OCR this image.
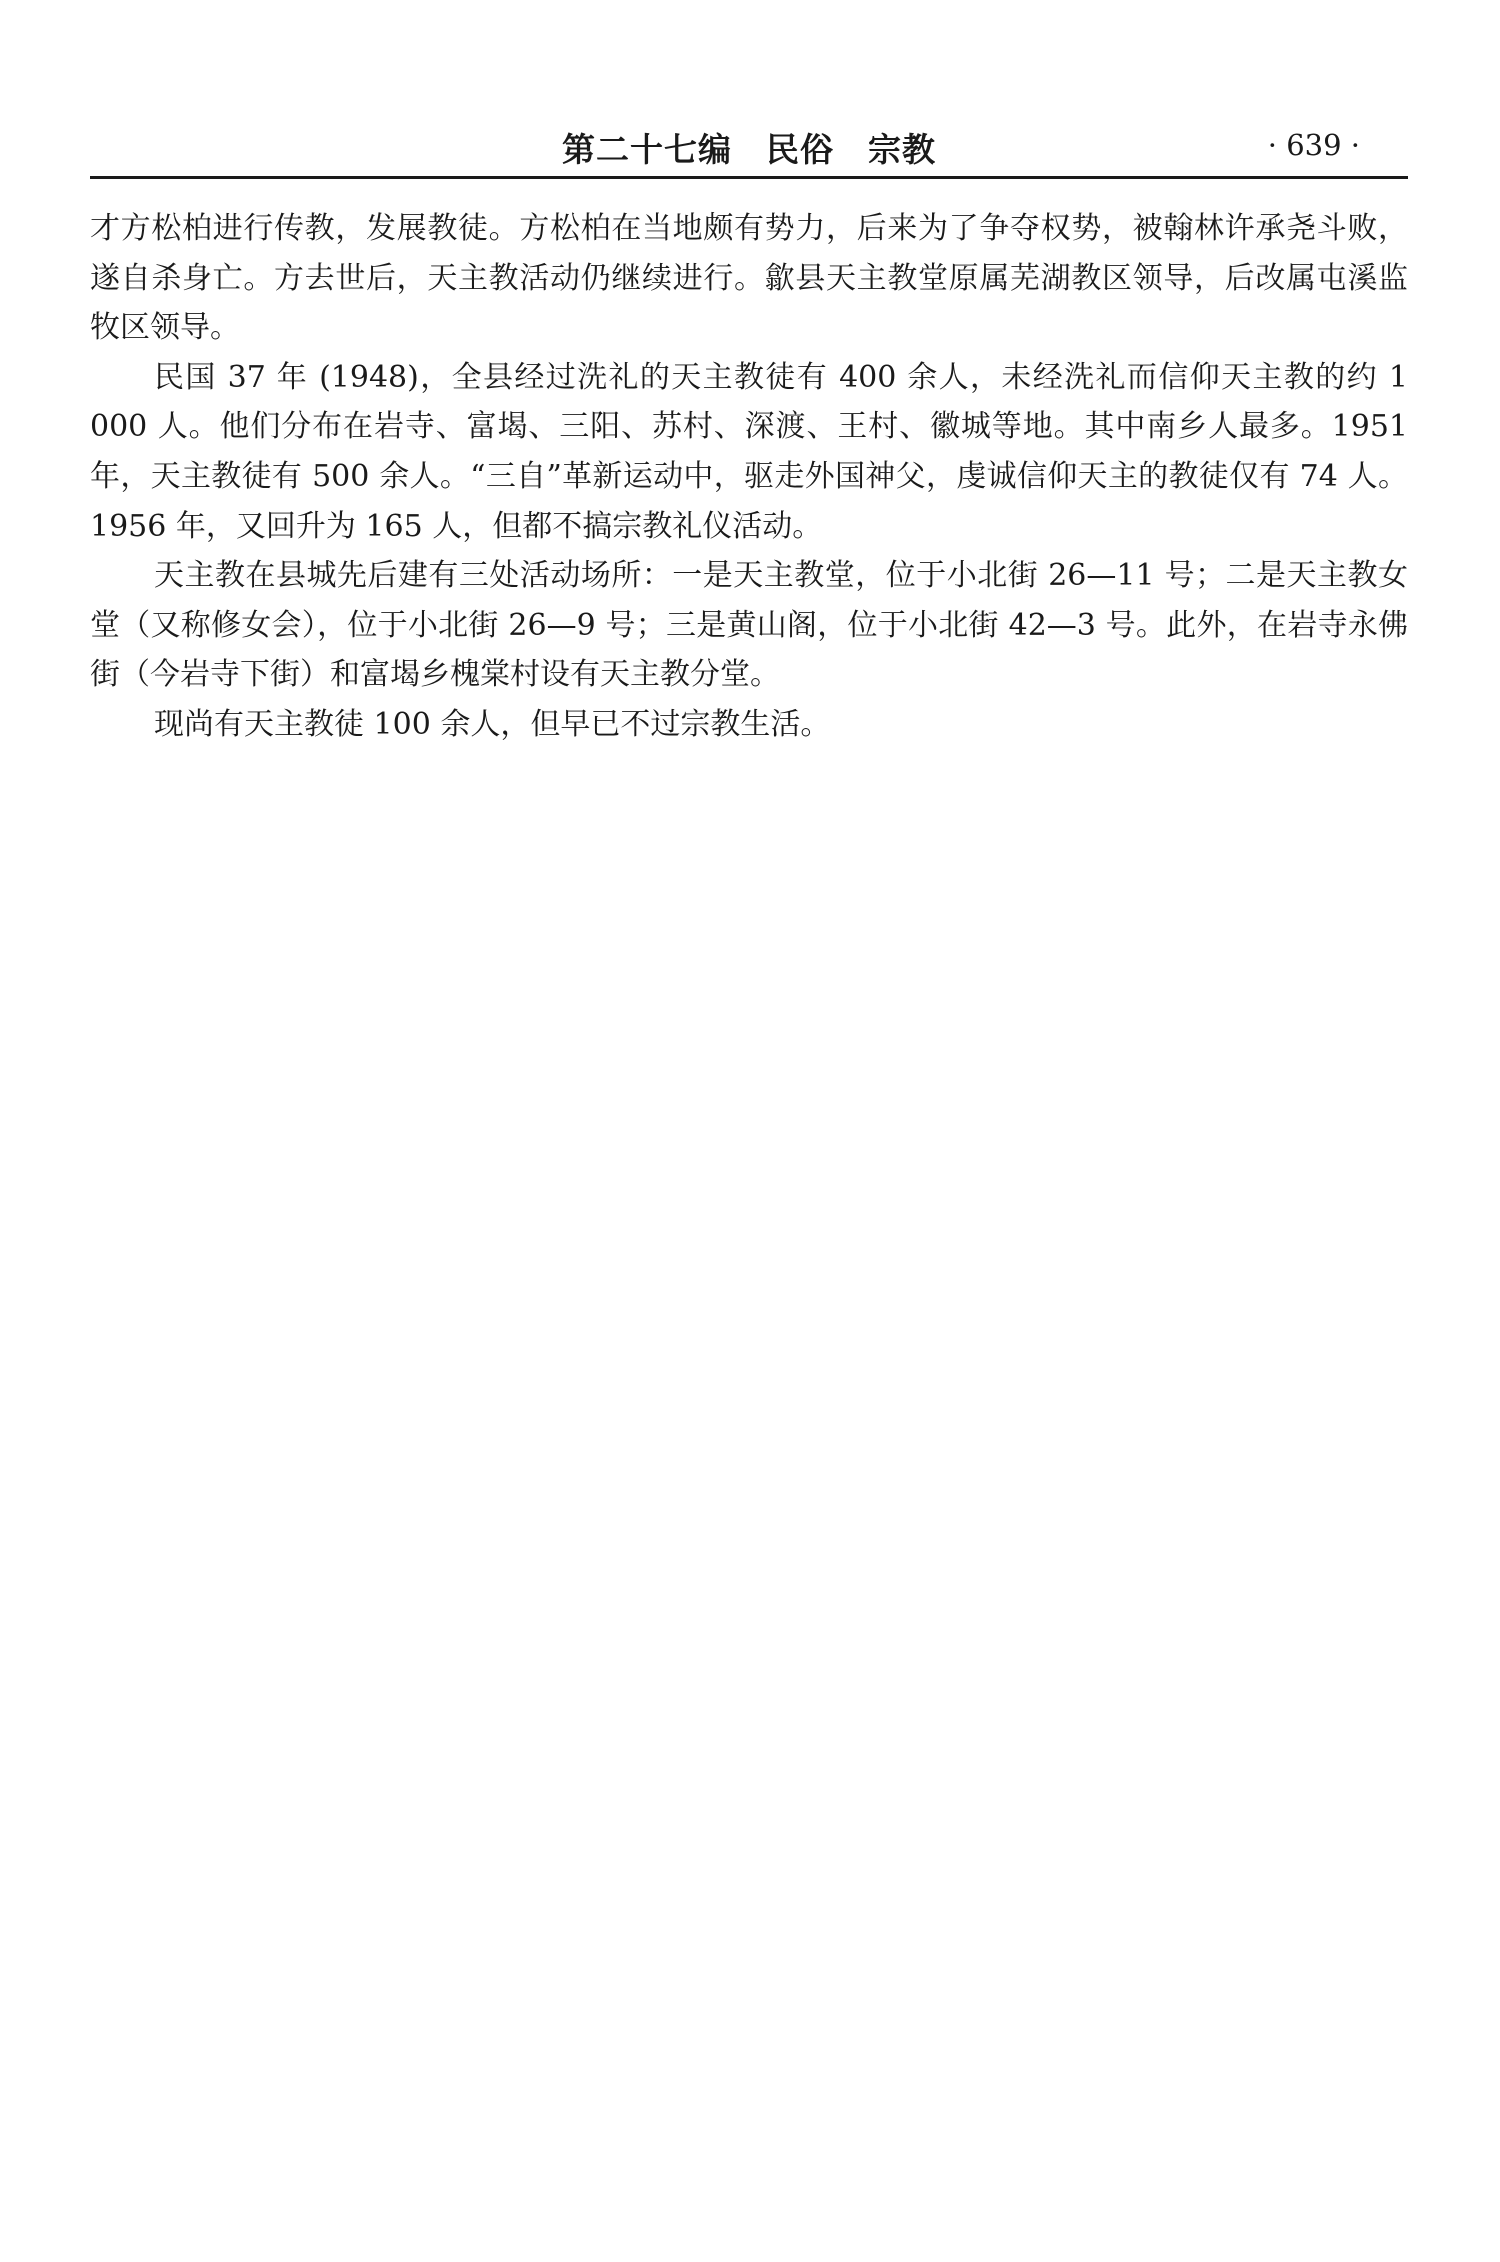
第二十七编　民俗　宗教	· 639 ·

才方松柏进行传教，发展教徒。方松柏在当地颇有势力，后来为了争夺权势，被翰林许承尧斗败，遂自杀身亡。方去世后，天主教活动仍继续进行。歙县天主教堂原属芜湖教区领导，后改属屯溪监牧区领导。

民国 37 年 (1948)，全县经过洗礼的天主教徒有 400 余人，未经洗礼而信仰天主教的约 1 000 人。他们分布在岩寺、富堨、三阳、苏村、深渡、王村、徽城等地。其中南乡人最多。1951 年，天主教徒有 500 余人。“三自”革新运动中，驱走外国神父，虔诚信仰天主的教徒仅有 74 人。1956 年，又回升为 165 人，但都不搞宗教礼仪活动。

天主教在县城先后建有三处活动场所：一是天主教堂，位于小北街 26—11 号；二是天主教女堂（又称修女会），位于小北街 26—9 号；三是黄山阁，位于小北街 42—3 号。此外，在岩寺永佛街（今岩寺下街）和富堨乡槐棠村设有天主教分堂。

现尚有天主教徒 100 余人，但早已不过宗教生活。
